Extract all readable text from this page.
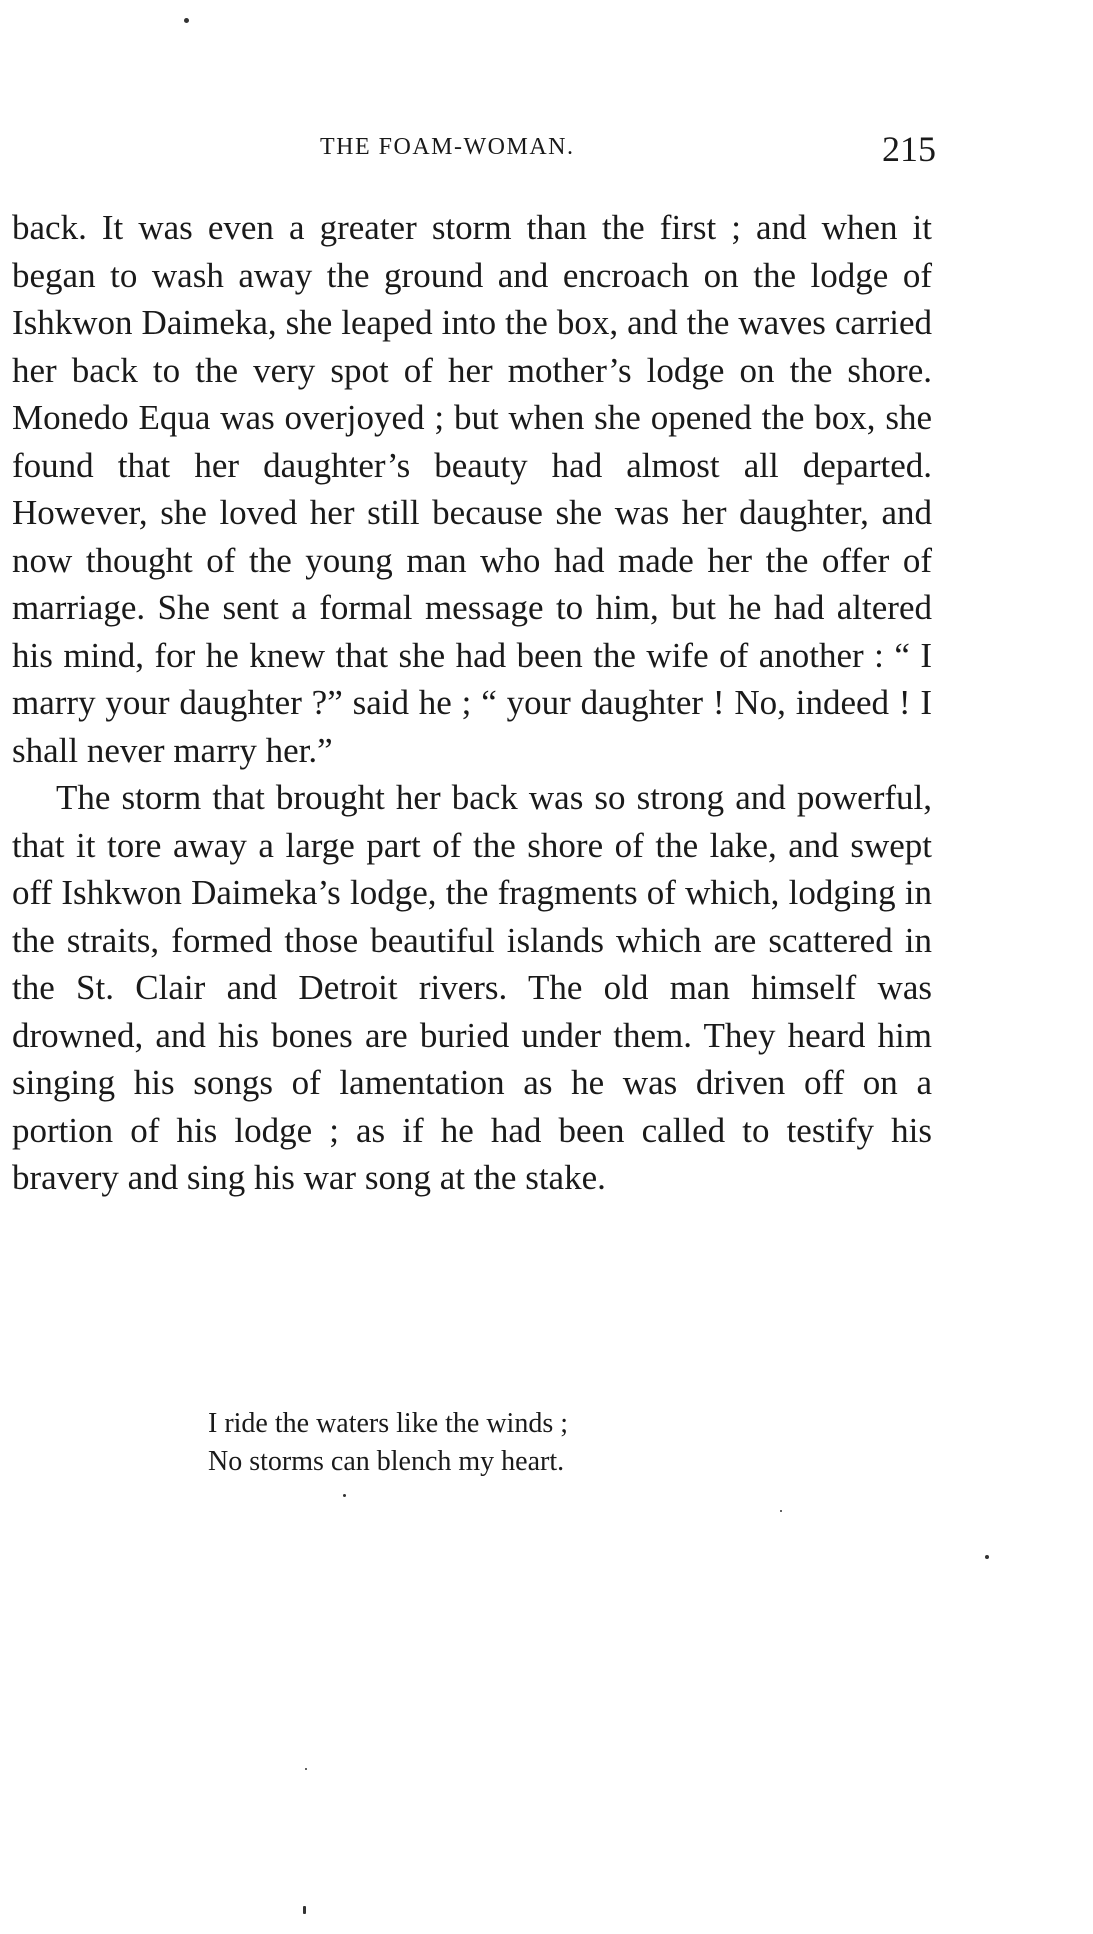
THE FOAM-WOMAN.	215

back. It was even a greater storm than the first ; and when it began to wash away the ground and encroach on the lodge of Ishkwon Daimeka, she leaped into the box, and the waves carried her back to the very spot of her mother’s lodge on the shore. Monedo Equa was overjoyed ; but when she opened the box, she found that her daughter’s beauty had almost all departed. However, she loved her still because she was her daughter, and now thought of the young man who had made her the offer of marriage. She sent a formal message to him, but he had altered his mind, for he knew that she had been the wife of another : “ I marry your daughter ?” said he ; “ your daughter ! No, indeed ! I shall never marry her.”

The storm that brought her back was so strong and powerful, that it tore away a large part of the shore of the lake, and swept off Ishkwon Daimeka’s lodge, the fragments of which, lodging in the straits, formed those beautiful islands which are scattered in the St. Clair and Detroit rivers. The old man himself was drowned, and his bones are buried under them. They heard him singing his songs of lamentation as he was driven off on a portion of his lodge ; as if he had been called to testify his bravery and sing his war song at the stake.

I ride the waters like the winds ;
No storms can blench my heart.
